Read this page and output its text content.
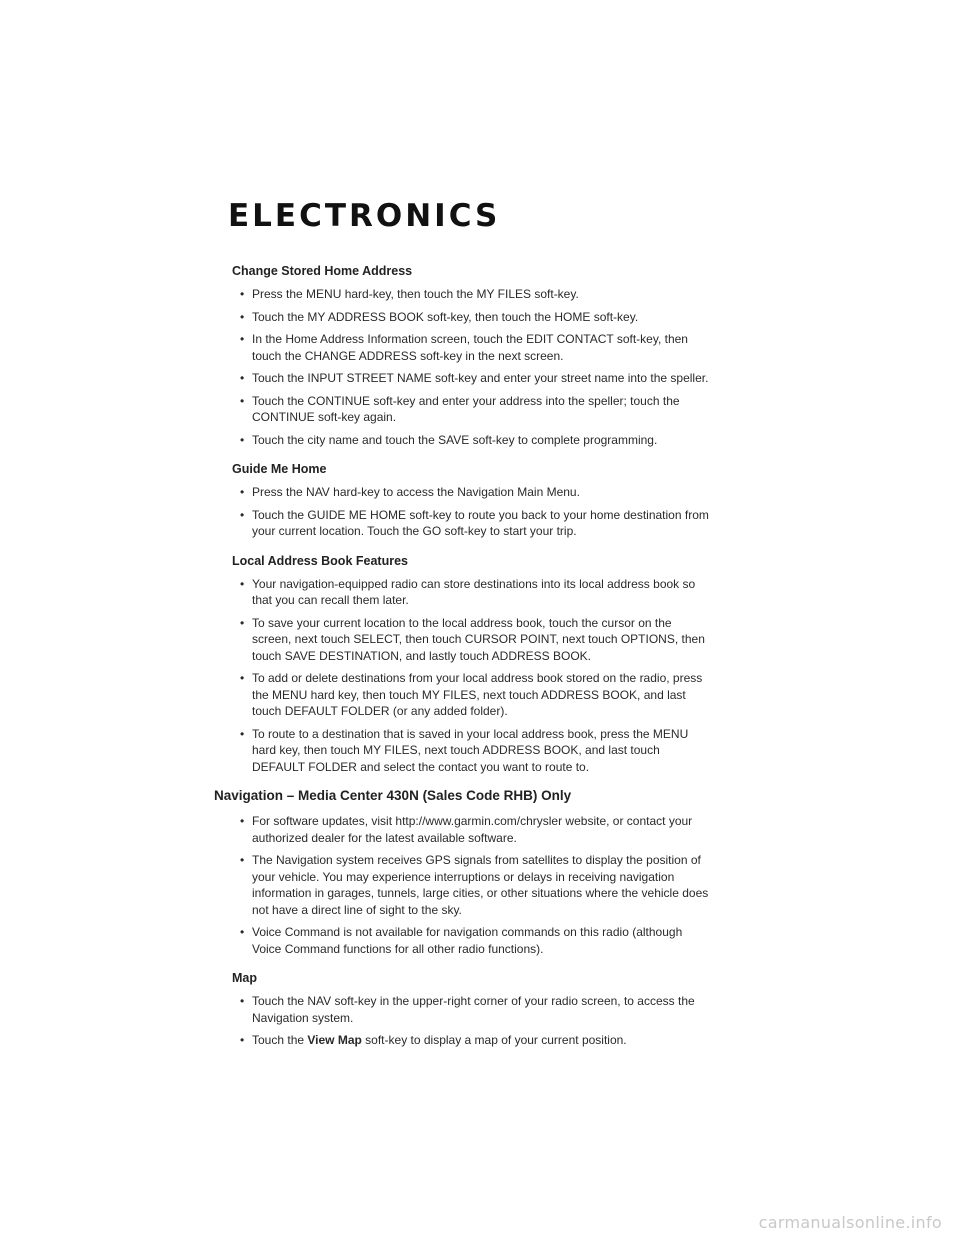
ELECTRONICS
Change Stored Home Address
• Press the MENU hard-key, then touch the MY FILES soft-key.
• Touch the MY ADDRESS BOOK soft-key, then touch the HOME soft-key.
• In the Home Address Information screen, touch the EDIT CONTACT soft-key, then touch the CHANGE ADDRESS soft-key in the next screen.
• Touch the INPUT STREET NAME soft-key and enter your street name into the speller.
• Touch the CONTINUE soft-key and enter your address into the speller; touch the CONTINUE soft-key again.
• Touch the city name and touch the SAVE soft-key to complete programming.
Guide Me Home
• Press the NAV hard-key to access the Navigation Main Menu.
• Touch the GUIDE ME HOME soft-key to route you back to your home destination from your current location. Touch the GO soft-key to start your trip.
Local Address Book Features
• Your navigation-equipped radio can store destinations into its local address book so that you can recall them later.
• To save your current location to the local address book, touch the cursor on the screen, next touch SELECT, then touch CURSOR POINT, next touch OPTIONS, then touch SAVE DESTINATION, and lastly touch ADDRESS BOOK.
• To add or delete destinations from your local address book stored on the radio, press the MENU hard key, then touch MY FILES, next touch ADDRESS BOOK, and last touch DEFAULT FOLDER (or any added folder).
• To route to a destination that is saved in your local address book, press the MENU hard key, then touch MY FILES, next touch ADDRESS BOOK, and last touch DEFAULT FOLDER and select the contact you want to route to.
Navigation – Media Center 430N (Sales Code RHB) Only
• For software updates, visit http://www.garmin.com/chrysler website, or contact your authorized dealer for the latest available software.
• The Navigation system receives GPS signals from satellites to display the position of your vehicle. You may experience interruptions or delays in receiving navigation information in garages, tunnels, large cities, or other situations where the vehicle does not have a direct line of sight to the sky.
• Voice Command is not available for navigation commands on this radio (although Voice Command functions for all other radio functions).
Map
• Touch the NAV soft-key in the upper-right corner of your radio screen, to access the Navigation system.
• Touch the View Map soft-key to display a map of your current position.
carmanualsonline.info
